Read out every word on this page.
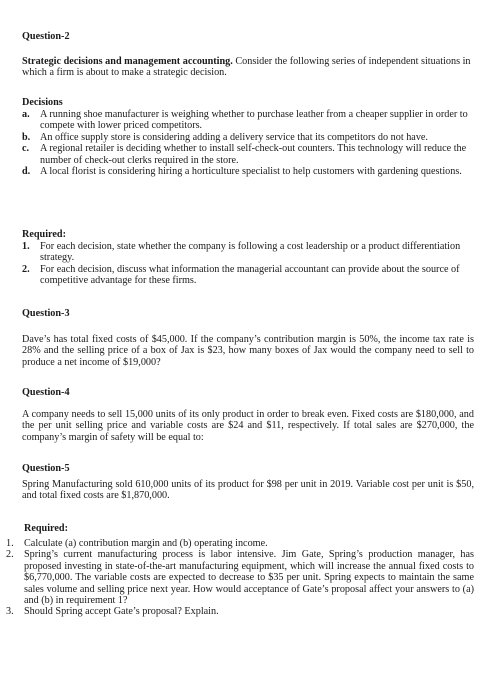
Question-2
Strategic decisions and management accounting. Consider the following series of independent situations in which a firm is about to make a strategic decision.
Decisions
a. A running shoe manufacturer is weighing whether to purchase leather from a cheaper supplier in order to compete with lower priced competitors.
b. An office supply store is considering adding a delivery service that its competitors do not have.
c. A regional retailer is deciding whether to install self-check-out counters. This technology will reduce the number of check-out clerks required in the store.
d. A local florist is considering hiring a horticulture specialist to help customers with gardening questions.
Required:
1. For each decision, state whether the company is following a cost leadership or a product differentiation strategy.
2. For each decision, discuss what information the managerial accountant can provide about the source of competitive advantage for these firms.
Question-3
Dave’s has total fixed costs of $45,000. If the company’s contribution margin is 50%, the income tax rate is 28% and the selling price of a box of Jax is $23, how many boxes of Jax would the company need to sell to produce a net income of $19,000?
Question-4
A company needs to sell 15,000 units of its only product in order to break even. Fixed costs are $180,000, and the per unit selling price and variable costs are $24 and $11, respectively. If total sales are $270,000, the company’s margin of safety will be equal to:
Question-5
Spring Manufacturing sold 610,000 units of its product for $98 per unit in 2019. Variable cost per unit is $50, and total fixed costs are $1,870,000.
Required:
1. Calculate (a) contribution margin and (b) operating income.
2. Spring’s current manufacturing process is labor intensive. Jim Gate, Spring’s production manager, has proposed investing in state-of-the-art manufacturing equipment, which will increase the annual fixed costs to $6,770,000. The variable costs are expected to decrease to $35 per unit. Spring expects to maintain the same sales volume and selling price next year. How would acceptance of Gate’s proposal affect your answers to (a) and (b) in requirement 1?
3. Should Spring accept Gate’s proposal? Explain.
